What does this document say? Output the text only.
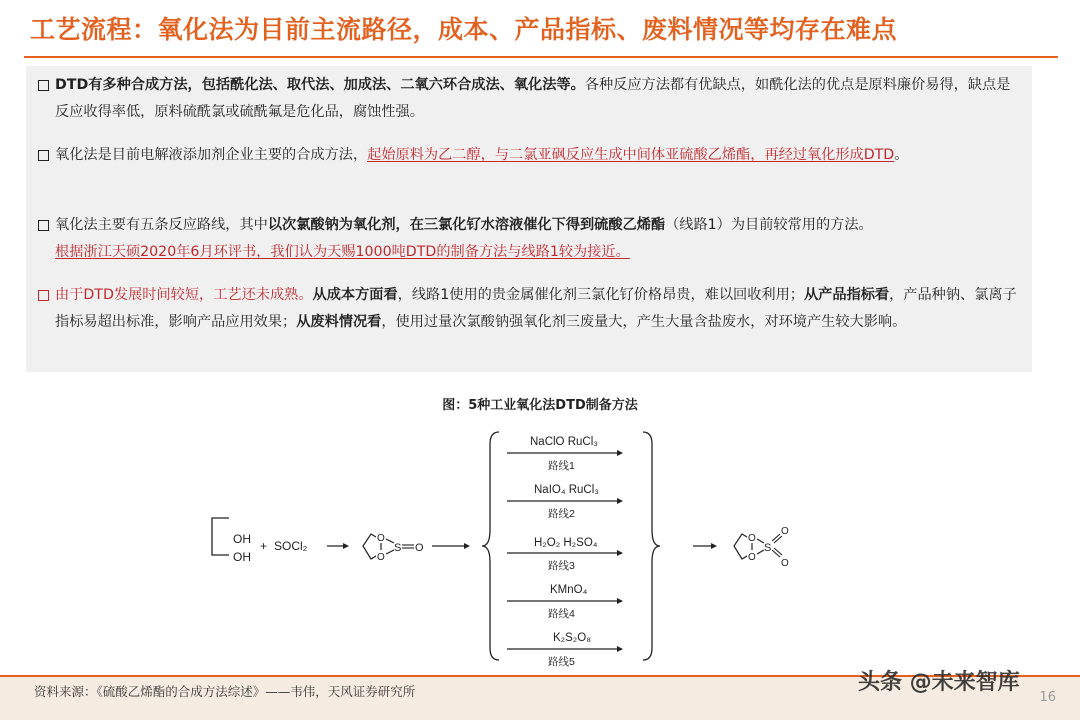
工艺流程：氧化法为目前主流路径，成本、产品指标、废料情况等均存在难点
DTD有多种合成方法，包括酰化法、取代法、加成法、二氧六环合成法、氧化法等。各种反应方法都有优缺点，如酰化法的优点是原料廉价易得，缺点是反应收得率低，原料硫酰氯或硫酰氟是危化品，腐蚀性强。
氧化法是目前电解液添加剂企业主要的合成方法，起始原料为乙二醇，与二氯亚砜反应生成中间体亚硫酸乙烯酯，再经过氧化形成DTD。
氧化法主要有五条反应路线，其中以次氯酸钠为氧化剂，在三氯化钌水溶液催化下得到硫酸乙烯酯（线路1）为目前较常用的方法。
根据浙江天硕2020年6月环评书，我们认为天赐1000吨DTD的制备方法与线路1较为接近。
由于DTD发展时间较短，工艺还未成熟。从成本方面看，线路1使用的贵金属催化剂三氯化钌价格昂贵，难以回收利用；从产品指标看，产品种钠、氯离子指标易超出标准，影响产品应用效果；从废料情况看，使用过量次氯酸钠强氧化剂三废量大，产生大量含盐废水，对环境产生较大影响。
图：5种工业氧化法DTD制备方法
OH
OH
+ SOCl₂
O
O
S O
NaClO RuCl₃
路线1
NaIO₄ RuCl₃
路线2
H₂O₂ H₂SO₄
路线3
KMnO₄
路线4
K₂S₂O₈
路线5
O
O
S
O
O
资料来源：《硫酸乙烯酯的合成方法综述》——韦伟，天风证券研究所	头条 @未来智库
16
